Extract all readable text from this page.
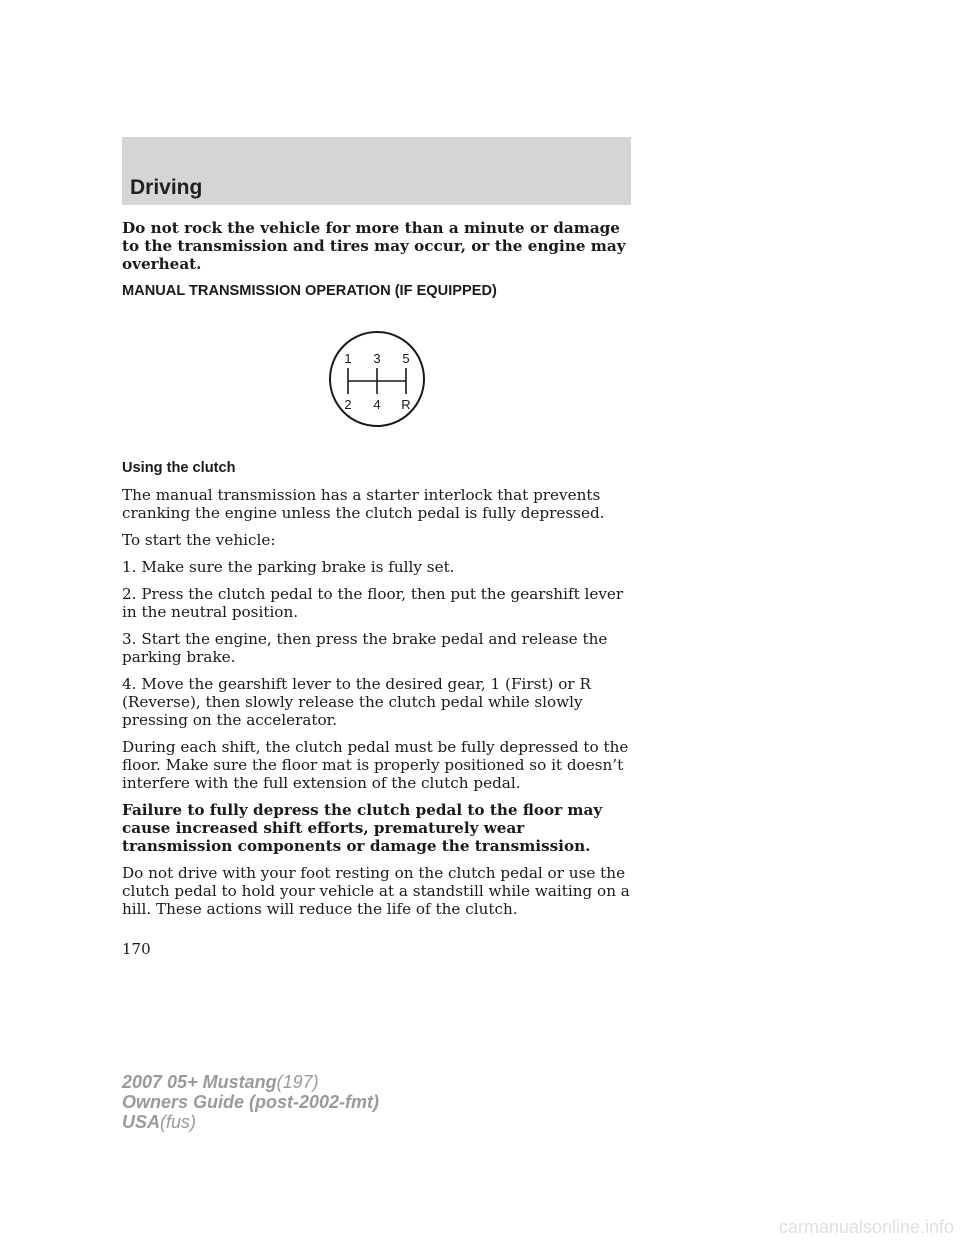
Driving

Do not rock the vehicle for more than a minute or damage to the transmission and tires may occur, or the engine may overheat.

MANUAL TRANSMISSION OPERATION (IF EQUIPPED)

1 3 5
2 4 R

Using the clutch

The manual transmission has a starter interlock that prevents cranking the engine unless the clutch pedal is fully depressed.

To start the vehicle:

1. Make sure the parking brake is fully set.

2. Press the clutch pedal to the floor, then put the gearshift lever in the neutral position.

3. Start the engine, then press the brake pedal and release the parking brake.

4. Move the gearshift lever to the desired gear, 1 (First) or R (Reverse), then slowly release the clutch pedal while slowly pressing on the accelerator.

During each shift, the clutch pedal must be fully depressed to the floor. Make sure the floor mat is properly positioned so it doesn’t interfere with the full extension of the clutch pedal.

Failure to fully depress the clutch pedal to the floor may cause increased shift efforts, prematurely wear transmission components or damage the transmission.

Do not drive with your foot resting on the clutch pedal or use the clutch pedal to hold your vehicle at a standstill while waiting on a hill. These actions will reduce the life of the clutch.

170
2007 05+ Mustang(197)
Owners Guide (post-2002-fmt)
USA(fus)
carmanualsonline.info
